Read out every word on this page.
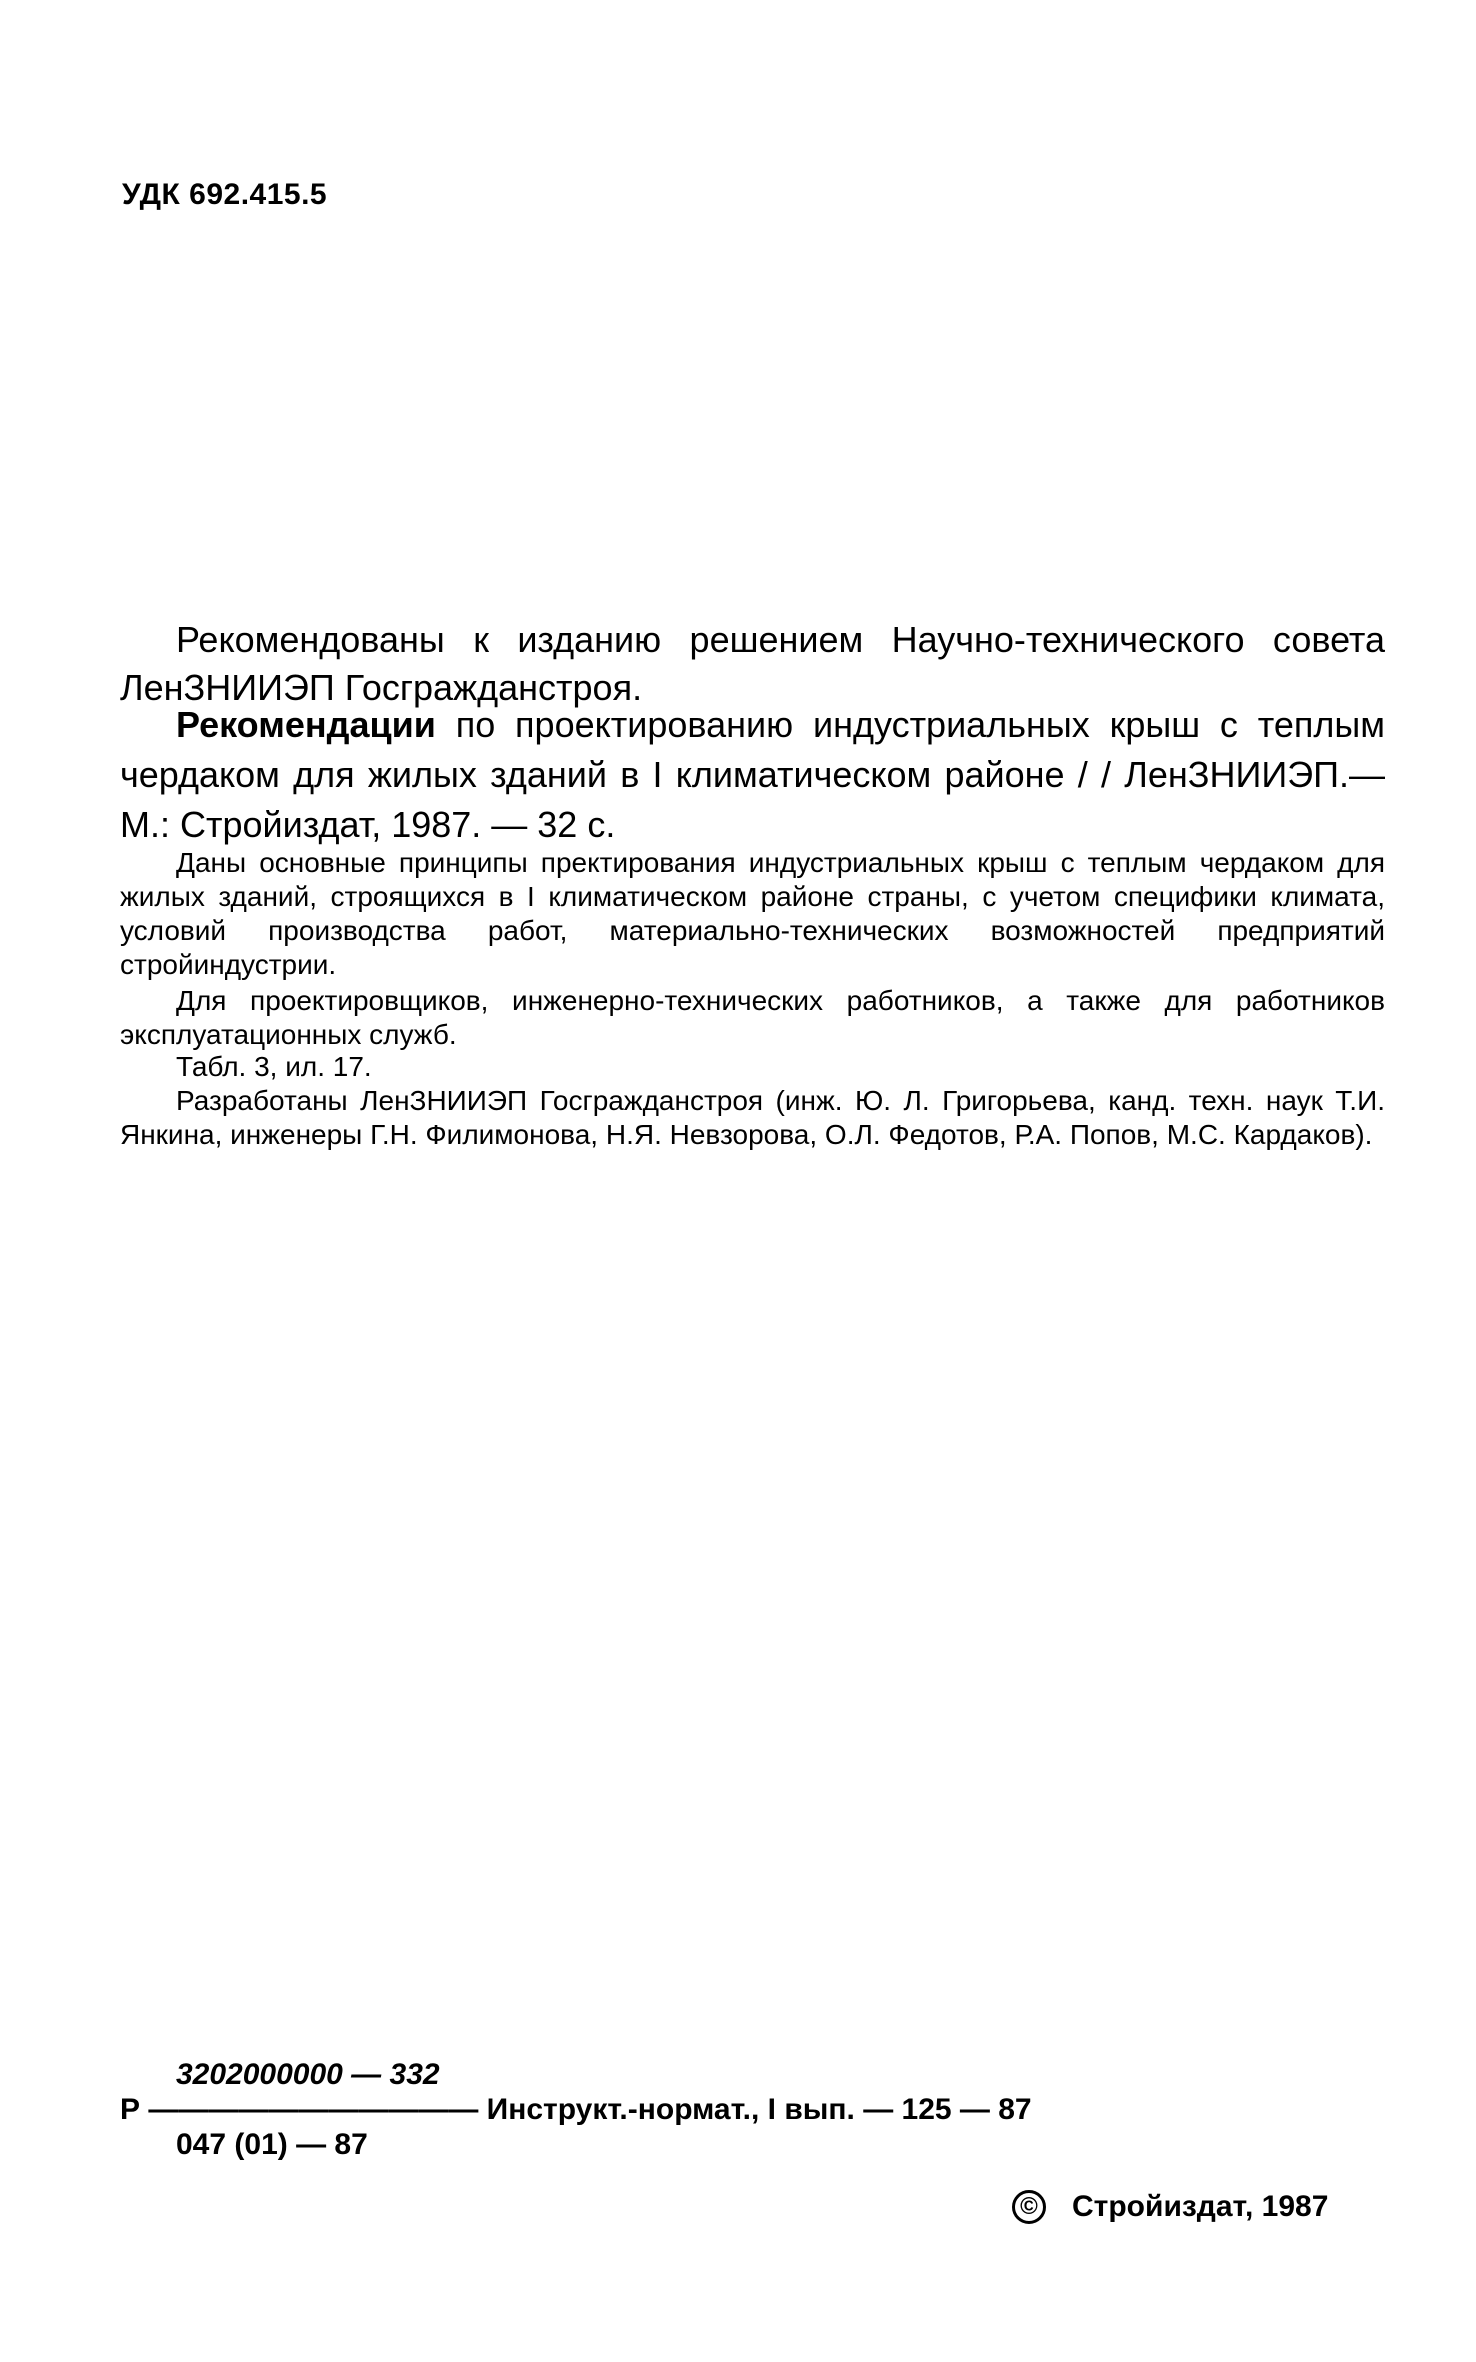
УДК 692.415.5

Рекомендованы к изданию решением Научно-технического совета ЛенЗНИИЭП Госгражданстроя.

Рекомендации по проектированию индустриальных крыш с теплым чердаком для жилых зданий в I климатическом районе / / ЛенЗНИИЭП.—М.: Стройиздат, 1987. — 32 с.

Даны основные принципы пректирования индустриальных крыш с теплым чердаком для жилых зданий, строящихся в I климатическом районе страны, с учетом специфики климата, условий производства работ, материально-технических возможностей предприятий стройиндустрии.

Для проектировщиков, инженерно-технических работников, а также для работников эксплуатационных служб.

Табл. 3, ил. 17.

Разработаны ЛенЗНИИЭП Госгражданстроя (инж. Ю. Л. Григорьева, канд. техн. наук Т.И. Янкина, инженеры Г.Н. Филимонова, Н.Я. Невзорова, О.Л. Федотов, Р.А. Попов, М.С. Кардаков).

3202000000 — 332
Р ——————————— Инструкт.-нормат., I вып. — 125 — 87
047 (01) — 87
© Стройиздат, 1987
